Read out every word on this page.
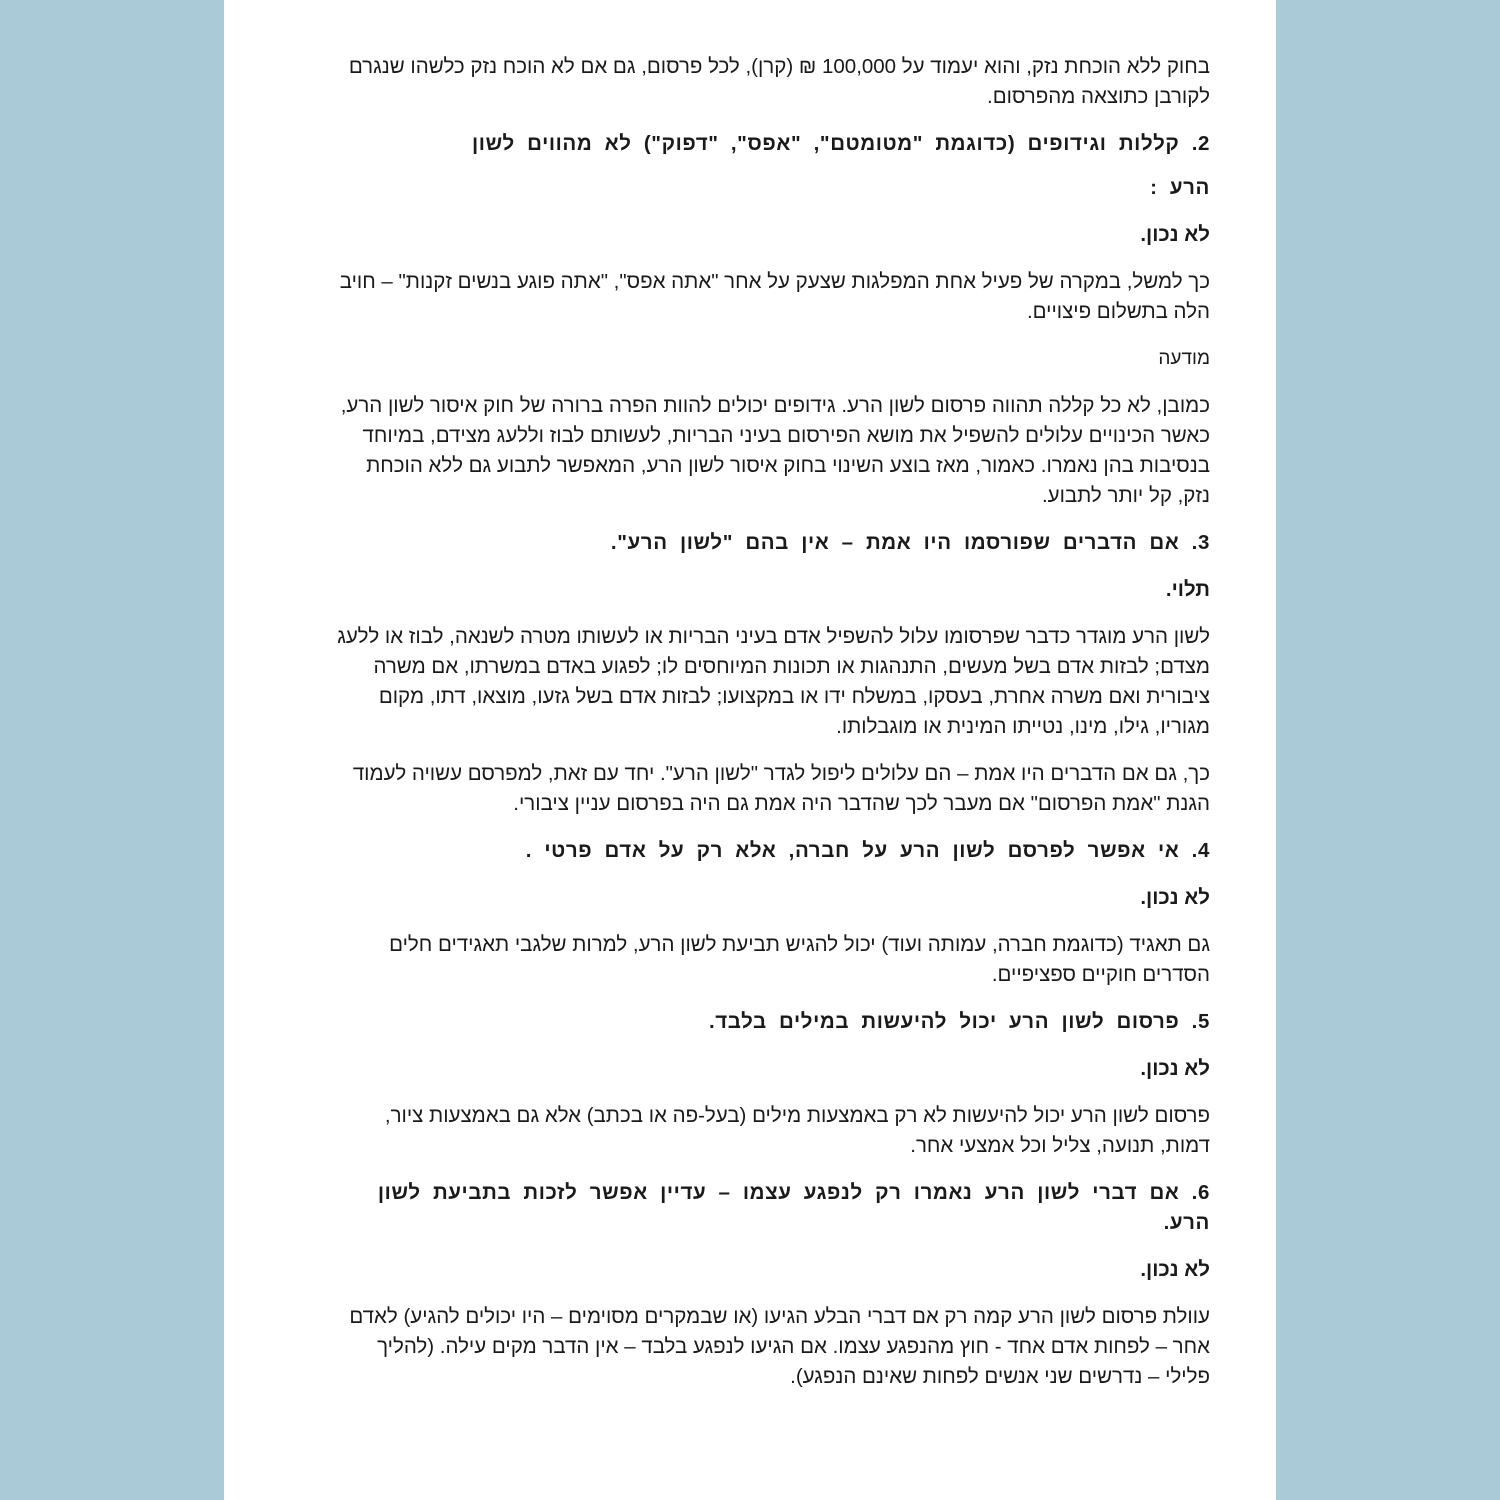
בחוק ללא הוכחת נזק, והוא יעמוד על 100,000 ₪ (קרן), לכל פרסום, גם אם לא הוכח נזק כלשהו שנגרם לקורבן כתוצאה מהפרסום.

2. קללות וגידופים (כדוגמת "מטומטם", "אפס", "דפוק") לא מהווים לשון

הרע :

לא נכון.

כך למשל, במקרה של פעיל אחת המפלגות שצעק על אחר "אתה אפס", "אתה פוגע בנשים זקנות" – חויב הלה בתשלום פיצויים.

מודעה

כמובן, לא כל קללה תהווה פרסום לשון הרע. גידופים יכולים להוות הפרה ברורה של חוק איסור לשון הרע, כאשר הכינויים עלולים להשפיל את מושא הפירסום בעיני הבריות, לעשותם לבוז וללעג מצידם, במיוחד בנסיבות בהן נאמרו. כאמור, מאז בוצע השינוי בחוק איסור לשון הרע, המאפשר לתבוע גם ללא הוכחת נזק, קל יותר לתבוע.

3. אם הדברים שפורסמו היו אמת – אין בהם "לשון הרע".

תלוי.

לשון הרע מוגדר כדבר שפרסומו עלול להשפיל אדם בעיני הבריות או לעשותו מטרה לשנאה, לבוז או ללעג מצדם; לבזות אדם בשל מעשים, התנהגות או תכונות המיוחסים לו; לפגוע באדם במשרתו, אם משרה ציבורית ואם משרה אחרת, בעסקו, במשלח ידו או במקצועו; לבזות אדם בשל גזעו, מוצאו, דתו, מקום מגוריו, גילו, מינו, נטייתו המינית או מוגבלותו.

כך, גם אם הדברים היו אמת – הם עלולים ליפול לגדר "לשון הרע". יחד עם זאת, למפרסם עשויה לעמוד הגנת "אמת הפרסום" אם מעבר לכך שהדבר היה אמת גם היה בפרסום עניין ציבורי.

4. אי אפשר לפרסם לשון הרע על חברה, אלא רק על אדם פרטי .

לא נכון.

גם תאגיד (כדוגמת חברה, עמותה ועוד) יכול להגיש תביעת לשון הרע, למרות שלגבי תאגידים חלים הסדרים חוקיים ספציפיים.

5. פרסום לשון הרע יכול להיעשות במילים בלבד.

לא נכון.

פרסום לשון הרע יכול להיעשות לא רק באמצעות מילים (בעל-פה או בכתב) אלא גם באמצעות ציור, דמות, תנועה, צליל וכל אמצעי אחר.

6. אם דברי לשון הרע נאמרו רק לנפגע עצמו – עדיין אפשר לזכות בתביעת לשון הרע.

לא נכון.

עוולת פרסום לשון הרע קמה רק אם דברי הבלע הגיעו (או שבמקרים מסוימים – היו יכולים להגיע) לאדם אחר – לפחות אדם אחד - חוץ מהנפגע עצמו. אם הגיעו לנפגע בלבד – אין הדבר מקים עילה. (להליך פלילי – נדרשים שני אנשים לפחות שאינם הנפגע).
